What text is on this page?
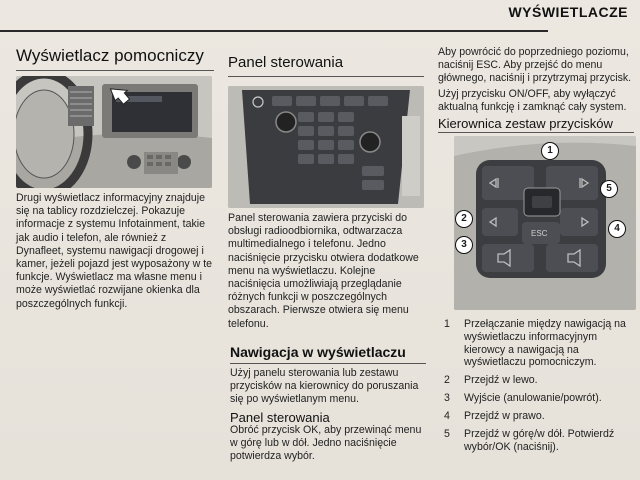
WYŚWIETLACZE
Wyświetlacz pomocniczy
Drugi wyświetlacz informacyjny znajduje się na tablicy rozdzielczej. Pokazuje informacje z systemu Infotainment, takie jak audio i telefon, ale również z Dynafleet, systemu nawigacji drogowej i kamer, jeżeli pojazd jest wyposażony w te funkcje. Wyświetlacz ma własne menu i może wyświetlać rozwijane okienka dla poszczególnych funkcji.
Panel sterowania
Panel sterowania zawiera przyciski do obsługi radioodbiornika, odtwarzacza multimedialnego i telefonu. Jedno naciśnięcie przycisku otwiera dodatkowe menu na wyświetlaczu. Kolejne naciśnięcia umożliwiają przeglądanie różnych funkcji w poszczególnych obszarach. Pierwsze otwiera się menu telefonu.
Nawigacja w wyświetlaczu
Użyj panelu sterowania lub zestawu przycisków na kierownicy do poruszania się po wyświetlanym menu.
Panel sterowania
Obróć przycisk OK, aby przewinąć menu w górę lub w dół. Jedno naciśnięcie potwierdza wybór.
Aby powrócić do poprzedniego poziomu, naciśnij ESC. Aby przejść do menu głównego, naciśnij i przytrzymaj przycisk.
Użyj przycisku ON/OFF, aby wyłączyć aktualną funkcję i zamknąć cały system.
Kierownica zestaw przycisków
ESC
1
2
3
4
5
1	Przełączanie między nawigacją na wyświetlaczu informacyjnym kierowcy a nawigacją na wyświetlaczu pomocniczym.
2	Przejdź w lewo.
3	Wyjście (anulowanie/powrót).
4	Przejdź w prawo.
5	Przejdź w górę/w dół. Potwierdź wybór/OK (naciśnij).
